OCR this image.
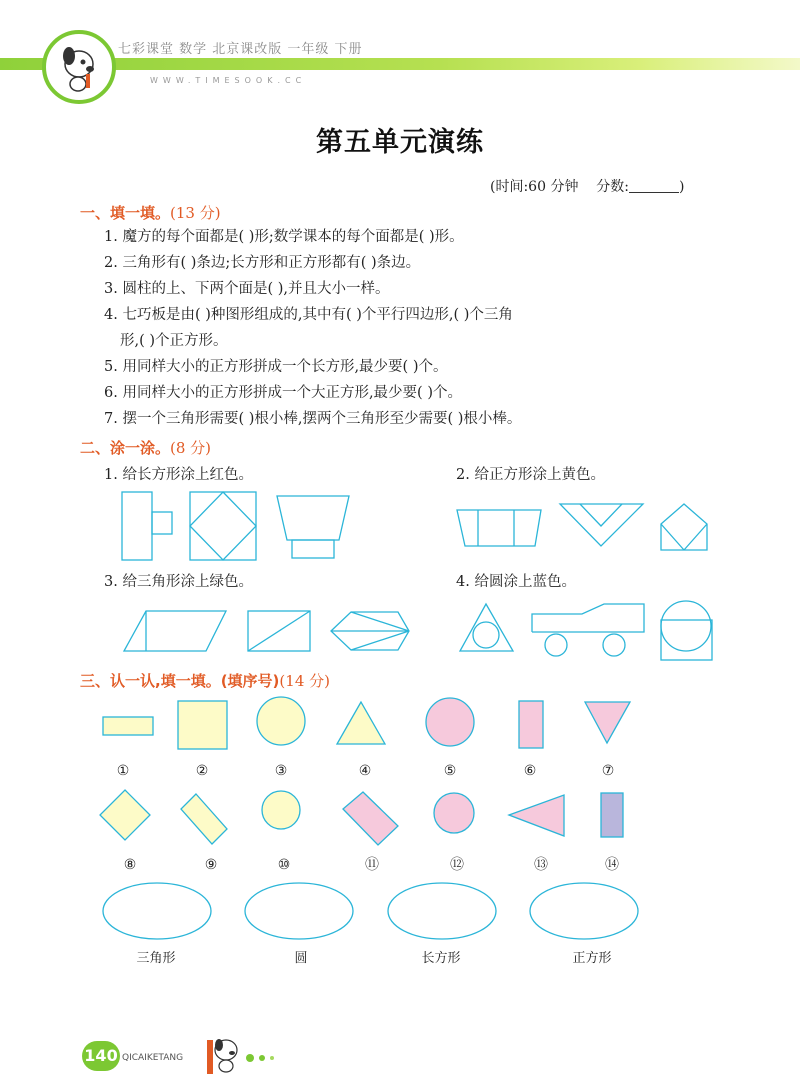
七彩课堂 数学 北京课改版 一年级 下册
WWW.TIMESOOK.CC
第五单元演练
(时间:60 分钟 分数:	)
一、填一填。(13 分)
1. 魔方的每个面都是( )形;数学课本的每个面都是( )形。
2. 三角形有( )条边;长方形和正方形都有( )条边。
3. 圆柱的上、下两个面是( ),并且大小一样。
4. 七巧板是由( )种图形组成的,其中有( )个平行四边形,( )个三角
形,( )个正方形。
5. 用同样大小的正方形拼成一个长方形,最少要( )个。
6. 用同样大小的正方形拼成一个大正方形,最少要( )个。
7. 摆一个三角形需要( )根小棒,摆两个三角形至少需要( )根小棒。
二、涂一涂。(8 分)
1. 给长方形涂上红色。	2. 给正方形涂上黄色。
3. 给三角形涂上绿色。	4. 给圆涂上蓝色。
①	②	③	④	⑤	⑥	⑦
⑧	⑨	⑩	⑪	⑫	⑬	⑭
三角形	圆	长方形	正方形
三、认一认,填一填。(填序号)(14 分)
140 QICAIKETANG
